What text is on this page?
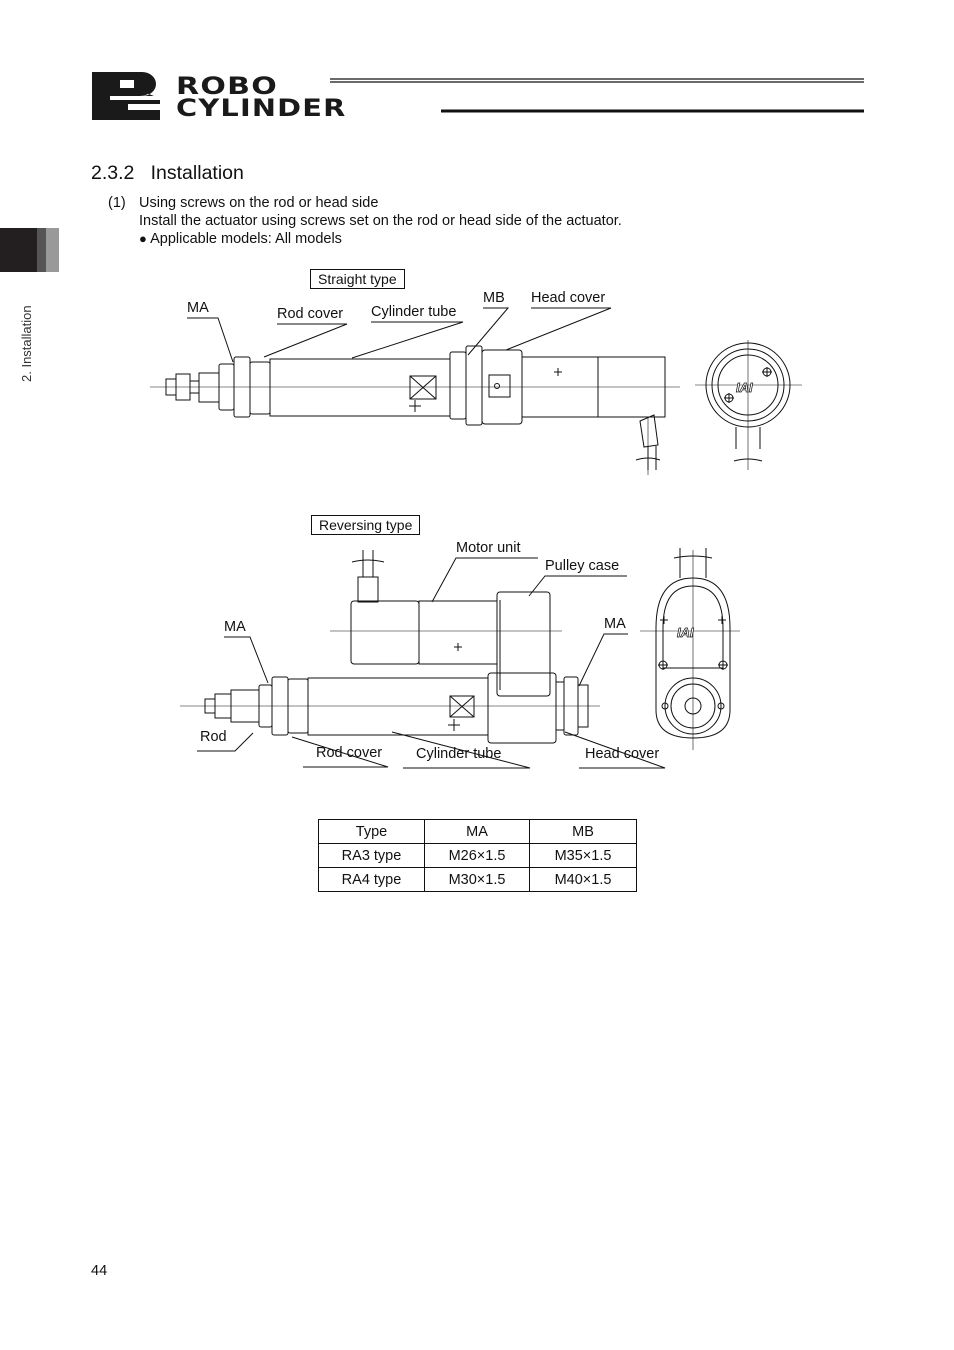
ROBO
CYLINDER
2. Installation
2.3.2   Installation
(1) Using screws on the rod or head side
Install the actuator using screws set on the rod or head side of the actuator.
● Applicable models: All models
Straight type
MA	Rod cover Cylinder tube
MB Head cover
IAI
Reversing type
Motor unit
Pulley case
MA	MA
Rod
Rod cover Cylinder tube	Head cover
IAI
Type	MA	MB
RA3 type	M26×1.5	M35×1.5
RA4 type	M30×1.5	M40×1.5
44
